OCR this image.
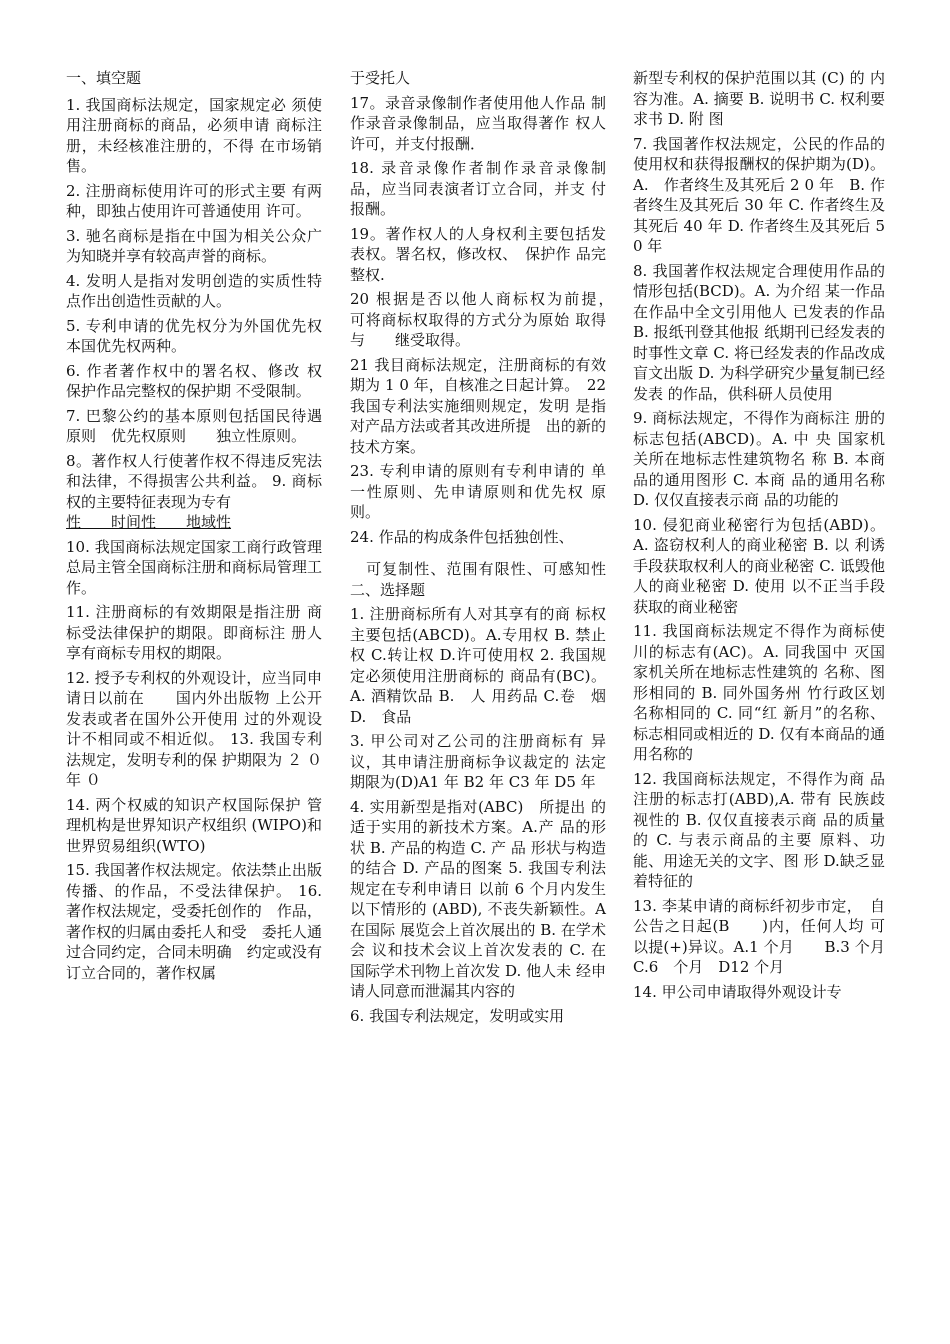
一、填空题

1. 我国商标法规定，国家规定必 须使用注册商标的商品，必须申请 商标注册，未经核准注册的，不得 在市场销售。

2. 注册商标使用许可的形式主要 有两种，即独占使用许可普通使用 许可。

3. 驰名商标是指在中国为相关公众广为知晓并享有较高声誉的商标。

4. 发明人是指对发明创造的实质性特点作出创造性贡献的人。

5. 专利申请的优先权分为外国优先权　　本国优先权两种。

6. 作者著作权中的署名权、修改 权　　保护作品完整权的保护期 不受限制。

7. 巴黎公约的基本原则包括国民待遇原则　优先权原则　　独立性原则。

8。著作权人行使著作权不得违反宪法和法律，不得损害公共利益。 9. 商标权的主要特征表现为专有

性　　时间性　　地域性

10. 我国商标法规定国家工商行政管理总局主管全国商标注册和商标局管理工作。

11. 注册商标的有效期限是指注册 商标受法律保护的期限。即商标注 册人享有商标专用权的期限。

12. 授予专利权的外观设计，应当同申请日以前在　　国内外出版物 上公开发表或者在国外公开使用 过的外观设计不相同或不相近似。 13. 我国专利法规定，发明专利的保 护期限为 ２ ０ 年 ０

14. 两个权威的知识产权国际保护 管理机构是世界知识产权组织 (WIPO)和世界贸易组织(WTO)

15. 我国著作权法规定。依法禁止出版传播、的作品，不受法律保护。 16. 著作权法规定，受委托创作的　作品，著作权的归属由委托人和受　委托人通过合同约定，合同未明确　约定或没有订立合同的，著作权属

于受托人

17。录音录像制作者使用他人作品 制作录音录像制品，应当取得著作 权人许可，并支付报酬．

18. 录音录像作者制作录音录像制 品，应当同表演者订立合同，并支 付报酬。

19。著作权人的人身权利主要包括发表权。署名权，修改权、　保护作 品完整权.

20 根据是否以他人商标权为前提，　可将商标权取得的方式分为原始 取得　与　　继受取得。

21 我目商标法规定，注册商标的有效期为 1 0 年，自核准之日起计算。　22 我国专利法实施细则规定，发明 是指对产品方法或者其改进所提　出的新的技术方案。

23. 专利申请的原则有专利申请的 单一性原则、先申请原则和优先权 原则。

24. 作品的构成条件包括独创性、

　可复制性、范围有限性、可感知性 二、选择题

1. 注册商标所有人对其享有的商 标权主要包括(ABCD)。A.专用权 B. 禁止权 C.转让权 D.许可使用权 2. 我国规定必须使用注册商标的 商品有(BC)。A. 酒精饮品 B.　人 用药品 C.卷　烟 D.　食品

3. 甲公司对乙公司的注册商标有 异议，其申请注册商标争议裁定的 法定期限为(D)A1 年 B2 年 C3 年 D5 年

4. 实用新型是指对(ABC)　所提出 的适于实用的新技术方案。A.产 品的形状 B. 产品的构造 C. 产 品 形状与构造的结合 D. 产品的图案 5. 我国专利法规定在专利申请日 以前 6 个月内发生以下情形的 (ABD), 不丧失新颖性。A 在国际 展览会上首次展出的 B. 在学术会 议和技术会议上首次发表的 C. 在 国际学术刊物上首次发 D. 他人未 经申请人同意而泄漏其内容的

6. 我国专利法规定，发明或实用

新型专利权的保护范围以其 (C) 的 内容为准。A. 摘要 B. 说明书 C. 权利要求书 D. 附 图

7. 我国著作权法规定，公民的作品的使用权和获得报酬权的保护期为(D)。A.　作者终生及其死后 2 0 年　B. 作者终生及其死后 30 年 C. 作者终生及其死后 40 年 D. 作者终生及其死后 50 年

8. 我国著作权法规定合理使用作品的情形包括(BCD)。A. 为介绍 某一作品在作品中全文引用他人 已发表的作品 B. 报纸刊登其他报 纸期刊已经发表的时事性文章 C. 将已经发表的作品改成盲文出版 D. 为科学研究少量复制已经发表 的作品，供科研人员使用

9. 商标法规定，不得作为商标注 册的标志包括(ABCD)。A. 中 央 国家机关所在地标志性建筑物名 称 B. 本商品的通用图形 C. 本商 品的通用名称 D. 仅仅直接表示商 品的功能的

10. 侵犯商业秘密行为包括(ABD)。 A. 盗窃权利人的商业秘密 B. 以 利诱手段获取权利人的商业秘密 C. 诋毁他人的商业秘密 D. 使用 以不正当手段获取的商业秘密

11. 我国商标法规定不得作为商标使川的标志有(AC)。A. 同我国中 灭国家机关所在地标志性建筑的 名称、图形相同的 B. 同外国务州 竹行政区划名称相同的 C. 同“红 新月”的名称、标志相同或相近的 D. 仅有本商品的通用名称的

12. 我国商标法规定，不得作为商 品注册的标志打(ABD),A. 带有 民族歧视性的 B. 仅仅直接表示商 品的质量的 C. 与表示商品的主要 原料、功能、用途无关的文字、图 形 D.缺乏显着特征的

13. 李某申请的商标纤初步市定，　自公告之日起(B　　)内，任何人均 可以提(+)异议。A.1 个月　　B.3 个月 C.6　个月　D12 个月

14. 甲公司申请取得外观设计专
